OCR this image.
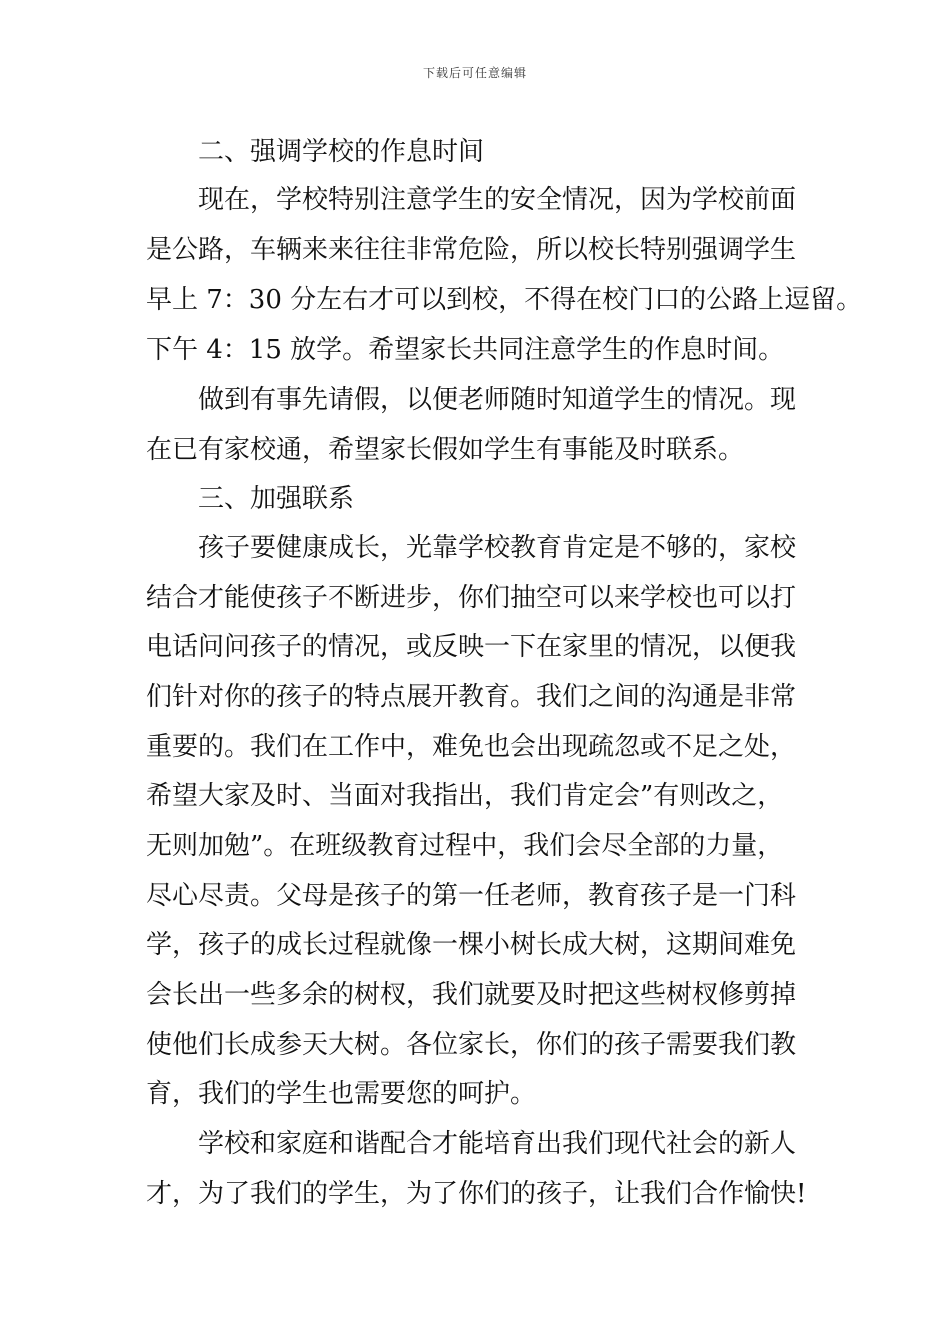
下载后可任意编辑
二、强调学校的作息时间
现在，学校特别注意学生的安全情况，因为学校前面
是公路，车辆来来往往非常危险，所以校长特别强调学生
早上 7：30 分左右才可以到校，不得在校门口的公路上逗留。
下午 4：15 放学。希望家长共同注意学生的作息时间。
做到有事先请假，以便老师随时知道学生的情况。现
在已有家校通，希望家长假如学生有事能及时联系。
三、加强联系
孩子要健康成长，光靠学校教育肯定是不够的，家校
结合才能使孩子不断进步，你们抽空可以来学校也可以打
电话问问孩子的情况，或反映一下在家里的情况，以便我
们针对你的孩子的特点展开教育。我们之间的沟通是非常
重要的。我们在工作中，难免也会出现疏忽或不足之处，
希望大家及时、当面对我指出，我们肯定会”有则改之，
无则加勉”。在班级教育过程中，我们会尽全部的力量，
尽心尽责。父母是孩子的第一任老师，教育孩子是一门科
学，孩子的成长过程就像一棵小树长成大树，这期间难免
会长出一些多余的树杈，我们就要及时把这些树杈修剪掉
使他们长成参天大树。各位家长，你们的孩子需要我们教
育，我们的学生也需要您的呵护。
学校和家庭和谐配合才能培育出我们现代社会的新人
才，为了我们的学生，为了你们的孩子，让我们合作愉快!
